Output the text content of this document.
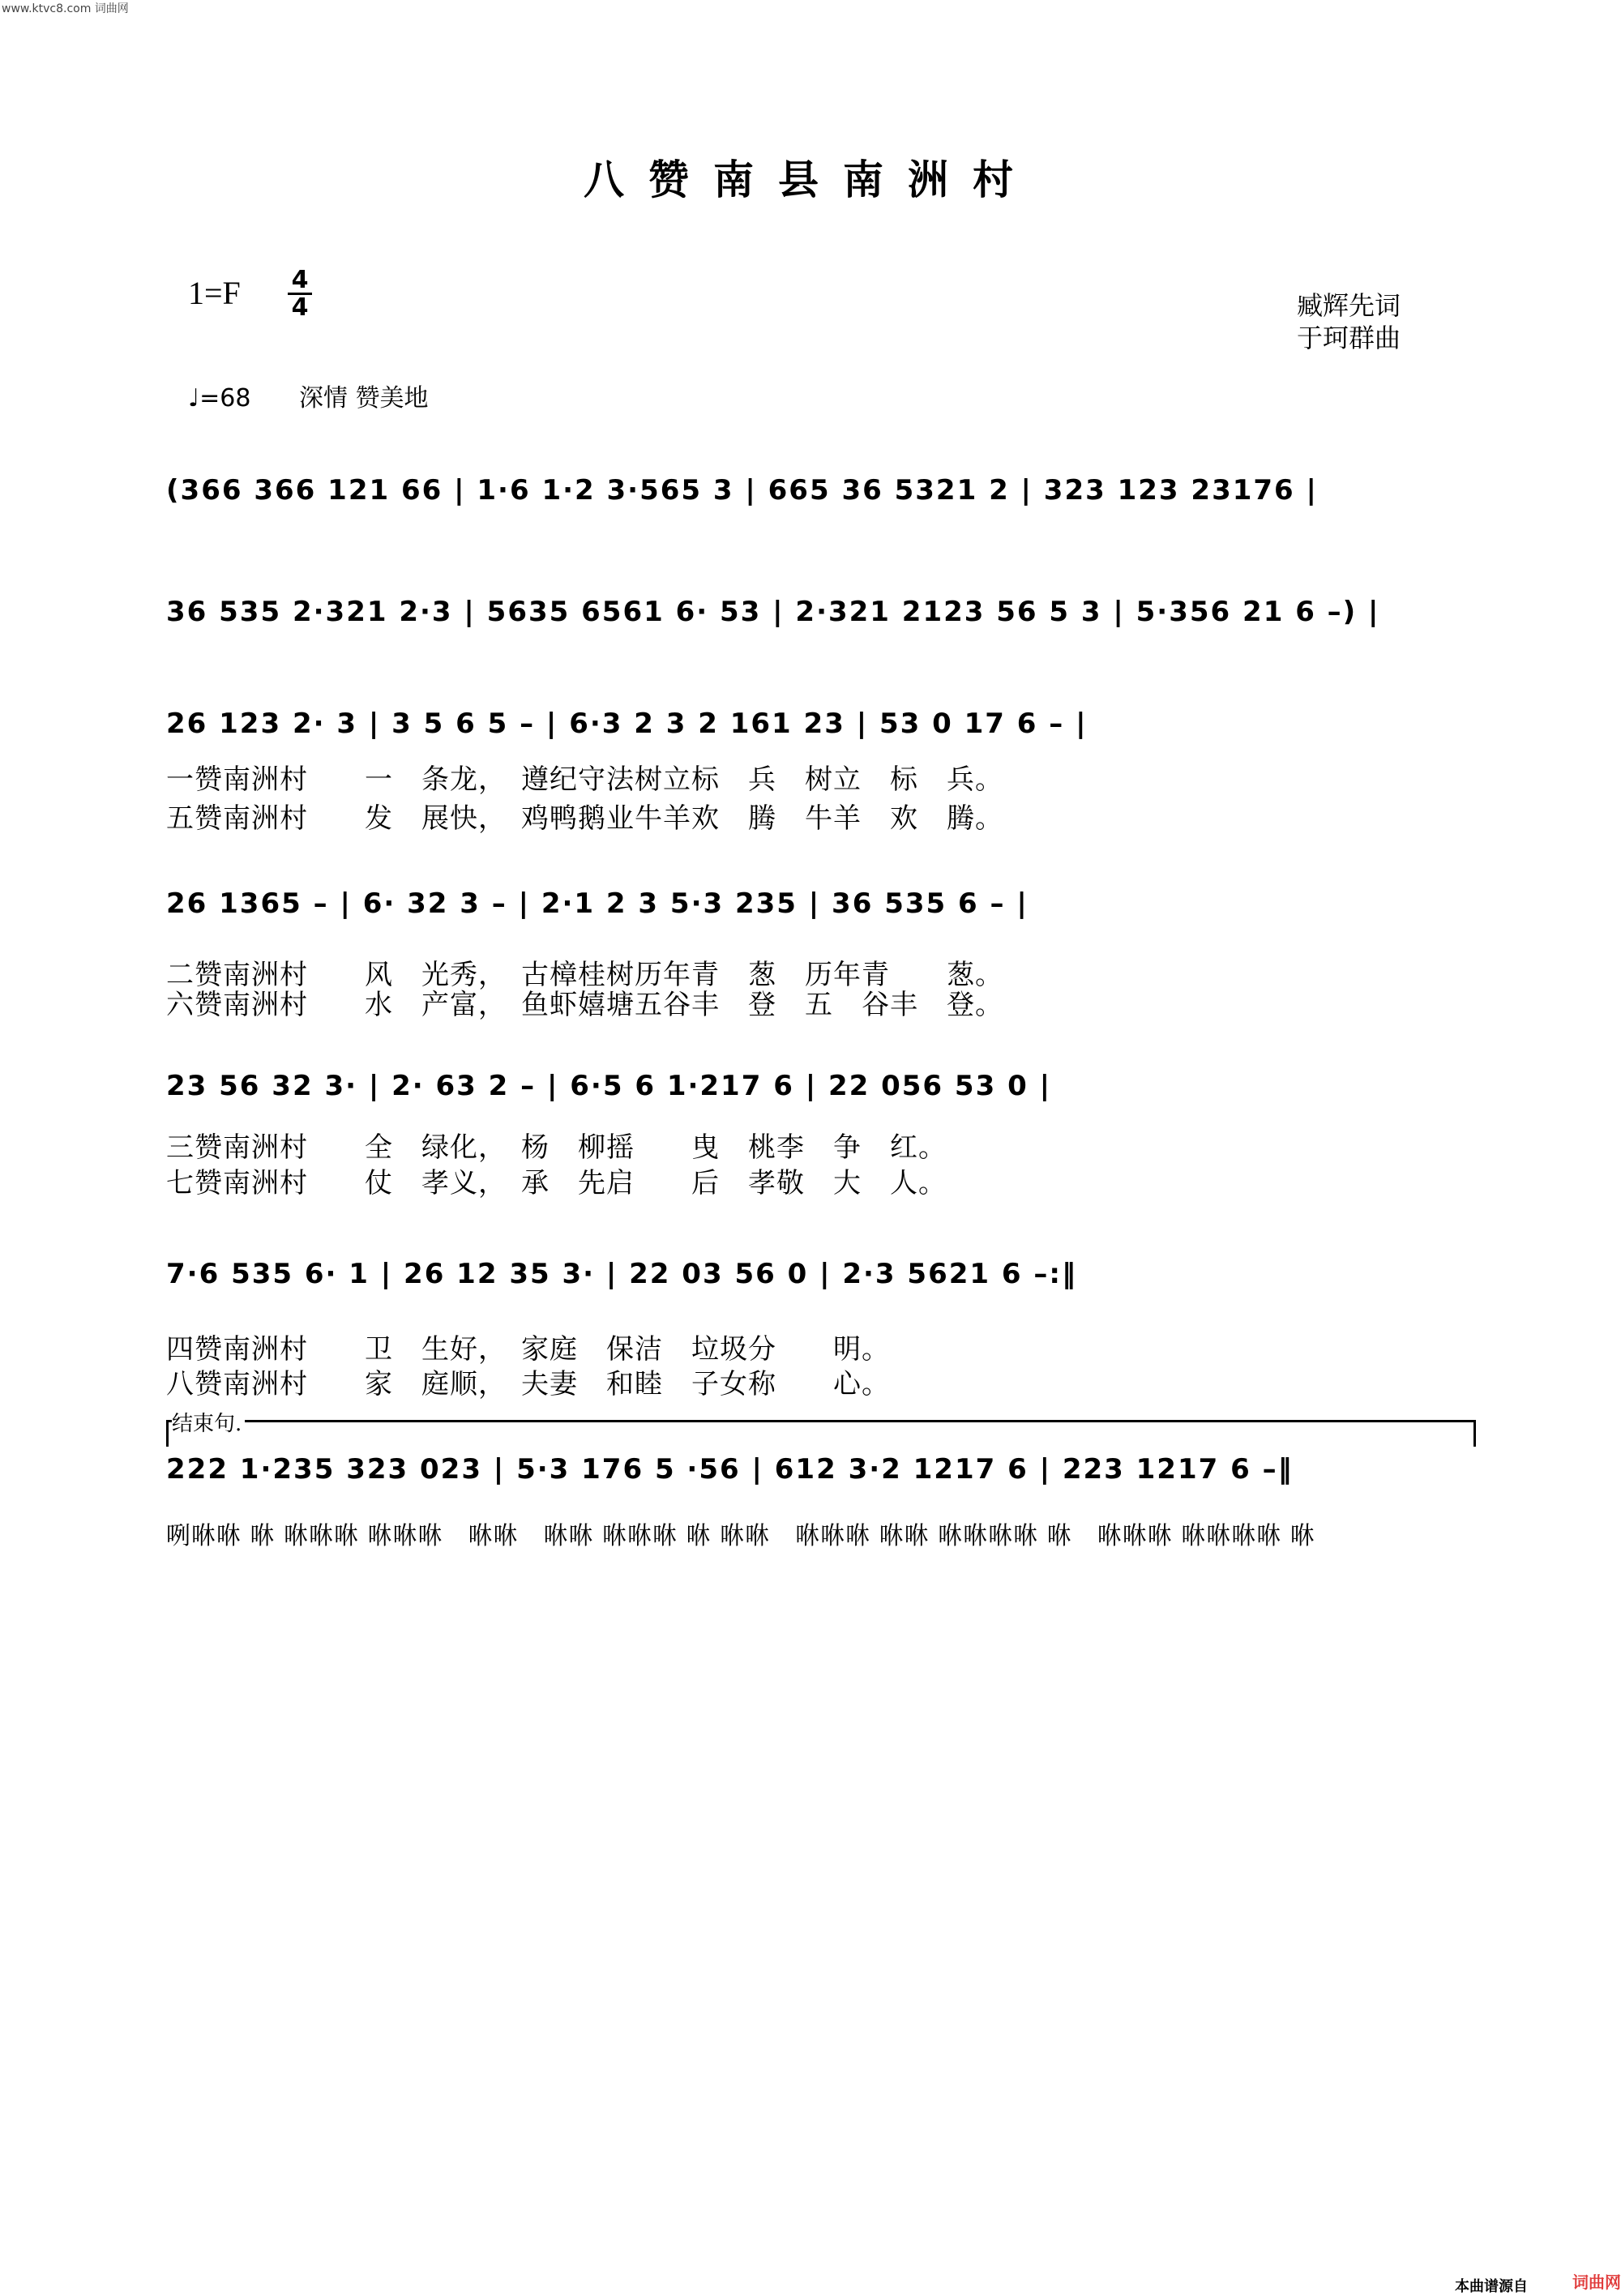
www.ktvc8.com 词曲网
八赞南县南洲村
1=F 4
4	臧辉先词
于珂群曲
♩=68 深情 赞美地
(366 366 121 66 | 1·6 1·2 3·565 3 | 665 36 5321 2 | 323 123 23176 |
36 535 2·321 2·3 | 5635 6561 6· 53 | 2·321 2123 56 5 3 | 5·356 21 6 –) |
26 123 2· 3 | 3 5 6 5 – | 6·3 2 3 2 161 23 | 53 0 17 6 – |
一赞南洲村　　一　条龙，　遵纪守法树立标　兵　树立　标　兵。
五赞南洲村　　发　展快，　鸡鸭鹅业牛羊欢　腾　牛羊　欢　腾。
26 1365 – | 6· 32 3 – | 2·1 2 3 5·3 235 | 36 535 6 – |
二赞南洲村　　风　光秀，　古樟桂树历年青　葱　历年青　　葱。
六赞南洲村　　水　产富，　鱼虾嬉塘五谷丰　登　五　谷丰　登。
23 56 32 3· | 2· 63 2 – | 6·5 6 1·217 6 | 22 056 53 0 |
三赞南洲村　　全　绿化，　杨　柳摇　　曳　桃李　争　红。
七赞南洲村　　仗　孝义，　承　先启　　后　孝敬　大　人。
7·6 535 6· 1 | 26 12 35 3· | 22 03 56 0 | 2·3 5621 6 –:‖
四赞南洲村　　卫　生好，　家庭　保洁　垃圾分　　明。
八赞南洲村　　家　庭顺，　夫妻　和睦　子女称　　心。
结束句.
222 1·235 323 023 | 5·3 176 5 ·56 | 612 3·2 1217 6 | 223 1217 6 –‖
咧咻咻 咻 咻咻咻 咻咻咻　咻咻　咻咻 咻咻咻 咻 咻咻　咻咻咻 咻咻 咻咻咻咻 咻　咻咻咻 咻咻咻咻 咻
本曲谱源自	词曲网
